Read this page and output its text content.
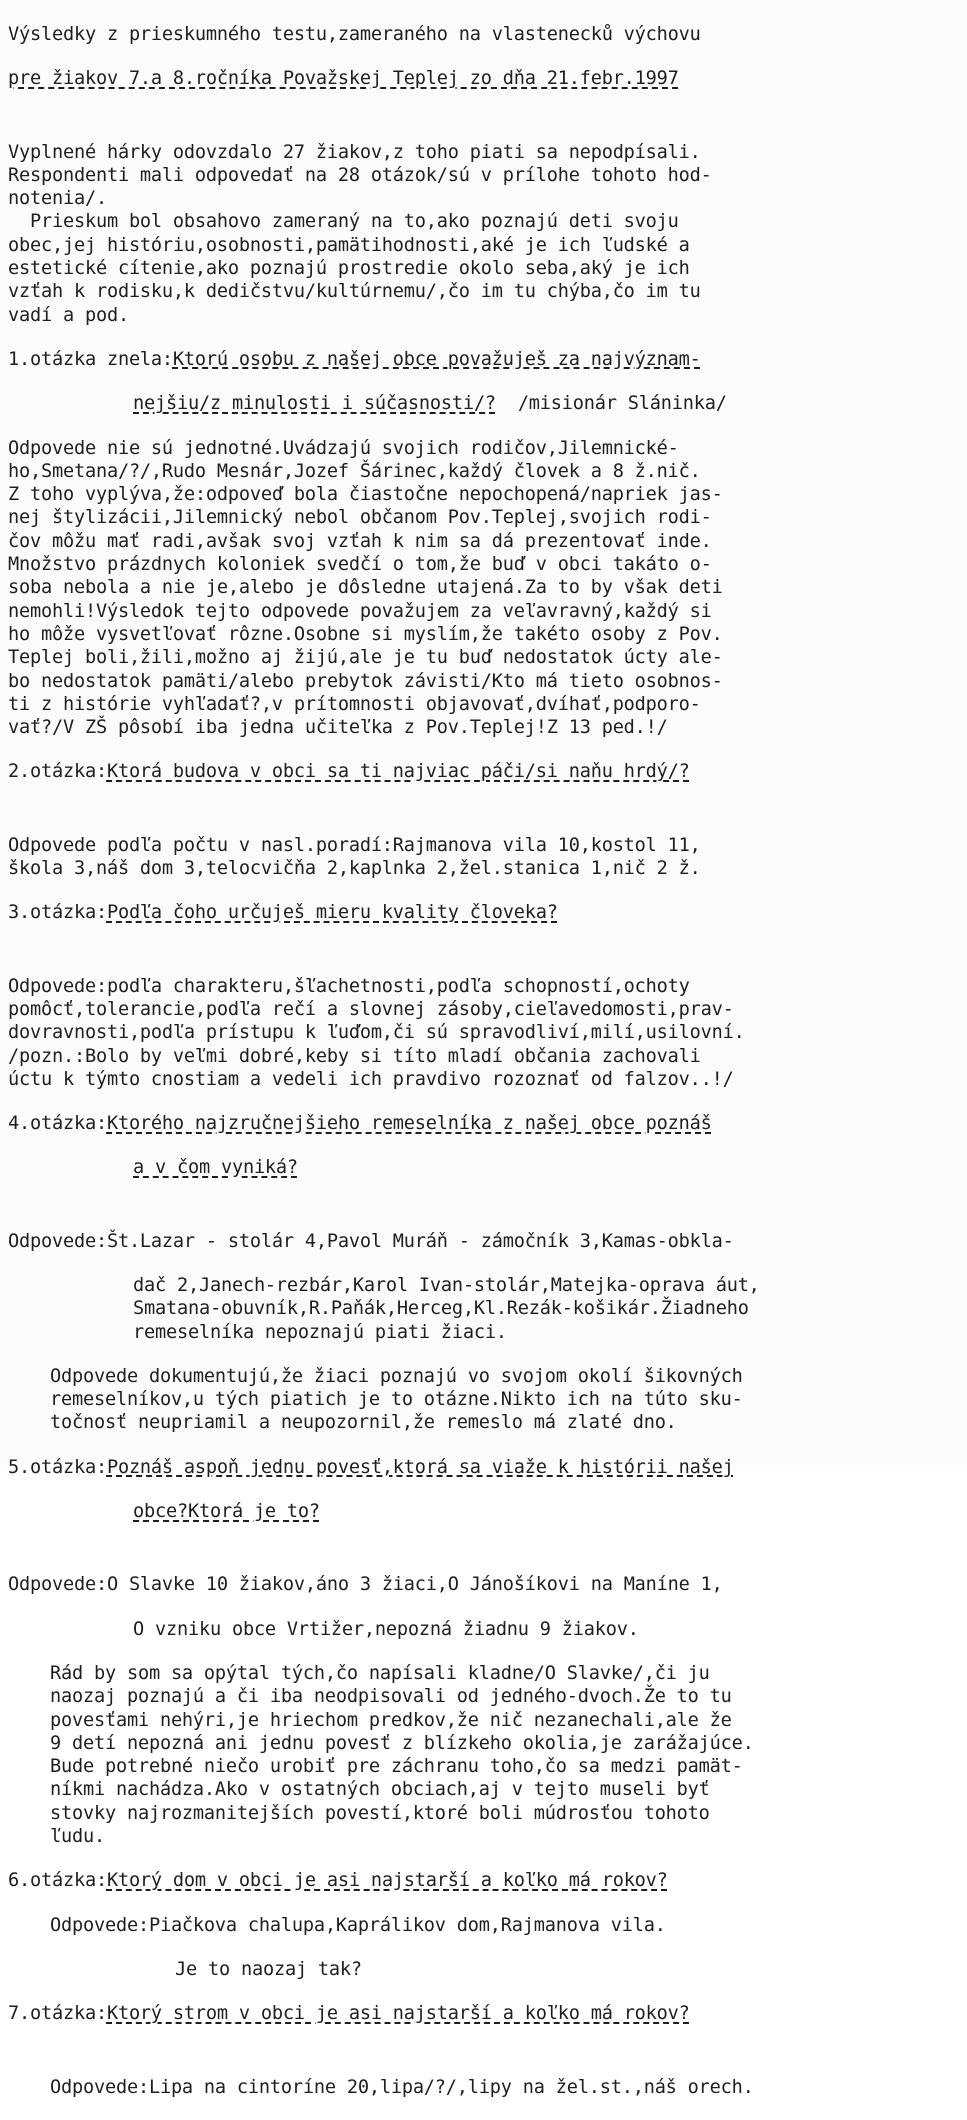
Výsledky z prieskumného testu,zameraného na vlastenecků výchovu

pre žiakov 7.a 8.ročníka Považskej Teplej zo dňa 21.febr.1997

Vyplnené hárky odovzdalo 27 žiakov,z toho piati sa nepodpísali.
Respondenti mali odpovedať na 28 otázok/sú v prílohe tohoto hod-
notenia/.
Prieskum bol obsahovo zameraný na to,ako poznajú deti svoju
obec,jej históriu,osobnosti,pamätihodnosti,aké je ich ľudské a
estetické cítenie,ako poznajú prostredie okolo seba,aký je ich
vzťah k rodisku,k dedičstvu/kultúrnemu/,čo im tu chýba,čo im tu
vadí a pod.

1.otázka znela:Ktorú osobu z našej obce považuješ za najvýznam-

nejšiu/z minulosti i súčasnosti/?  /misionár Sláninka/

Odpovede nie sú jednotné.Uvádzajú svojich rodičov,Jilemnické-
ho,Smetana/?/,Rudo Mesnár,Jozef Šárinec,každý človek a 8 ž.nič.
Z toho vyplýva,že:odpoveď bola čiastočne nepochopená/napriek jas-
nej štylizácii,Jilemnický nebol občanom Pov.Teplej,svojich rodi-
čov môžu mať radi,avšak svoj vzťah k nim sa dá prezentovať inde.
Množstvo prázdnych koloniek svedčí o tom,že buď v obci takáto o-
soba nebola a nie je,alebo je dôsledne utajená.Za to by však deti
nemohli!Výsledok tejto odpovede považujem za veľavravný,každý si
ho môže vysvetľovať rôzne.Osobne si myslím,že takéto osoby z Pov.
Teplej boli,žili,možno aj žijú,ale je tu buď nedostatok úcty ale-
bo nedostatok pamäti/alebo prebytok závisti/Kto má tieto osobnos-
ti z histórie vyhľadať?,v prítomnosti objavovať,dvíhať,podporo-
vať?/V ZŠ pôsobí iba jedna učiteľka z Pov.Teplej!Z 13 ped.!/

2.otázka:Ktorá budova v obci sa ti najviac páči/si naňu hrdý/?

Odpovede podľa počtu v nasl.poradí:Rajmanova vila 10,kostol 11,
škola 3,náš dom 3,telocvičňa 2,kaplnka 2,žel.stanica 1,nič 2 ž.

3.otázka:Podľa čoho určuješ mieru kvality človeka?

Odpovede:podľa charakteru,šľachetnosti,podľa schopností,ochoty
pomôcť,tolerancie,podľa rečí a slovnej zásoby,cieľavedomosti,prav-
dovravnosti,podľa prístupu k ľuďom,či sú spravodliví,milí,usilovní.
/pozn.:Bolo by veľmi dobré,keby si títo mladí občania zachovali
úctu k týmto cnostiam a vedeli ich pravdivo rozoznať od falzov..!/

4.otázka:Ktorého najzručnejšieho remeselníka z našej obce poznáš

a v čom vyniká?

Odpovede:Št.Lazar - stolár 4,Pavol Muráň - zámočník 3,Kamas-obkla-

dač 2,Janech-rezbár,Karol Ivan-stolár,Matejka-oprava áut,
Smatana-obuvník,R.Paňák,Herceg,Kl.Rezák-košikár.Žiadneho
remeselníka nepoznajú piati žiaci.

Odpovede dokumentujú,že žiaci poznajú vo svojom okolí šikovných
remeselníkov,u tých piatich je to otázne.Nikto ich na túto sku-
točnosť neupriamil a neupozornil,že remeslo má zlaté dno.

5.otázka:Poznáš aspoň jednu povesť,ktorá sa viaže k histórii našej

obce?Ktorá je to?

Odpovede:O Slavke 10 žiakov,áno 3 žiaci,O Jánošíkovi na Maníne 1,

O vzniku obce Vrtižer,nepozná žiadnu 9 žiakov.

Rád by som sa opýtal tých,čo napísali kladne/O Slavke/,či ju
naozaj poznajú a či iba neodpisovali od jedného-dvoch.Že to tu
povesťami nehýri,je hriechom predkov,že nič nezanechali,ale že
9 detí nepozná ani jednu povesť z blízkeho okolia,je zarážajúce.
Bude potrebné niečo urobiť pre záchranu toho,čo sa medzi pamät-
níkmi nachádza.Ako v ostatných obciach,aj v tejto museli byť
stovky najrozmanitejších povestí,ktoré boli múdrosťou tohoto
ľudu.

6.otázka:Ktorý dom v obci je asi najstarší a koľko má rokov?

Odpovede:Piačkova chalupa,Kaprálikov dom,Rajmanova vila.

Je to naozaj tak?

7.otázka:Ktorý strom v obci je asi najstarší a koľko má rokov?

Odpovede:Lipa na cintoríne 20,lipa/?/,lipy na žel.st.,náš orech.
